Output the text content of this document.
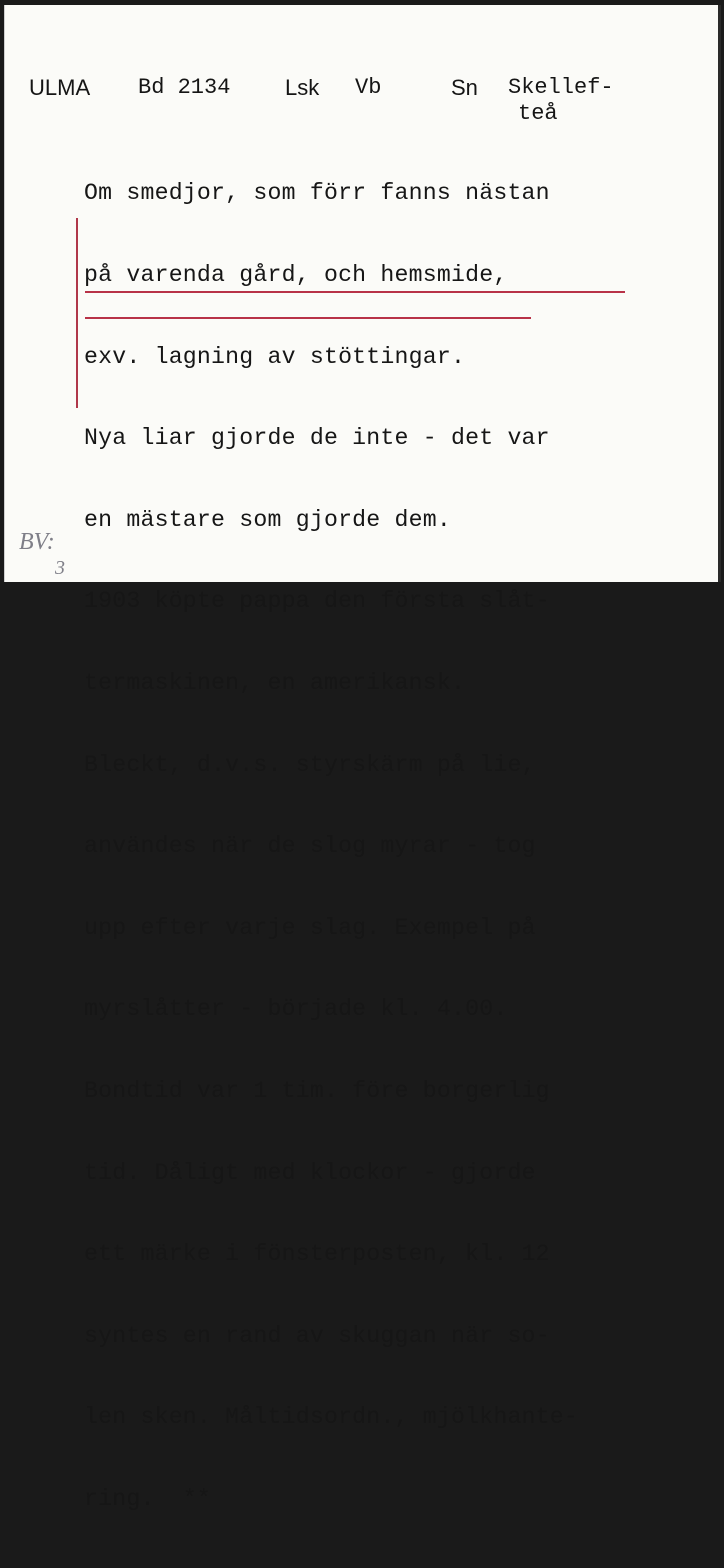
ULMA Bd 2134 Lsk Vb	Sn Skellef-
teå

Om smedjor, som förr fanns nästan

på varenda gård, och hemsmide,

exv. lagning av stöttingar.

Nya liar gjorde de inte - det var

en mästare som gjorde dem.

1903 köpte pappa den första slåt-

termaskinen, en amerikansk.

Bleckt, d.v.s. styrskärm på lie,

användes när de slog myrar - tog

upp efter varje slag. Exempel på

myrslåtter - började kl. 4.00.

Bondtid var 1 tim. före borgerlig

tid. Dåligt med klockor - gjorde

ett märke i fönsterposten, kl. 12

syntes en rand av skuggan när so-

len sken. Måltidsordn., mjölkhante-

ring.  **

BV:
3
